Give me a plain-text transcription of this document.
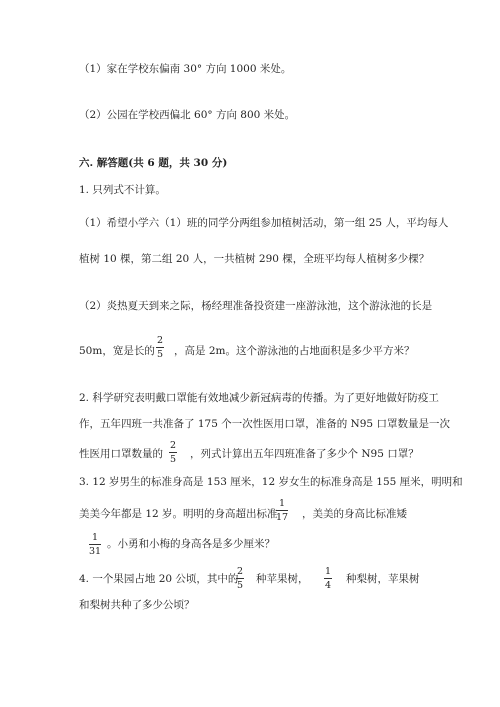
（1）家在学校东偏南 30° 方向 1000 米处。
（2）公园在学校西偏北 60° 方向 800 米处。
六. 解答题(共 6 题，共 30 分)
1. 只列式不计算。
（1）希望小学六（1）班的同学分两组参加植树活动，第一组 25 人，平均每人
植树 10 棵，第二组 20 人，一共植树 290 棵，全班平均每人植树多少棵？
（2）炎热夏天到来之际，杨经理准备投资建一座游泳池，这个游泳池的长是
50m，宽是长的
2
5 ，高是 2m。这个游泳池的占地面积是多少平方米？
2. 科学研究表明戴口罩能有效地减少新冠病毒的传播。为了更好地做好防疫工
作，五年四班一共准备了 175 个一次性医用口罩，准备的 N95 口罩数量是一次
性医用口罩数量的
2
5 ，列式计算出五年四班准备了多少个 N95 口罩？
3. 12 岁男生的标准身高是 153 厘米，12 岁女生的标准身高是 155 厘米，明明和
美美今年都是 12 岁。明明的身高超出标准
1
17 ，美美的身高比标准矮
1
31
。小勇和小梅的身高各是多少厘米？
4. 一个果园占地 20 公顷，其中的
2
5
种苹果树，
1
4
种梨树，苹果树
和梨树共种了多少公顷？
